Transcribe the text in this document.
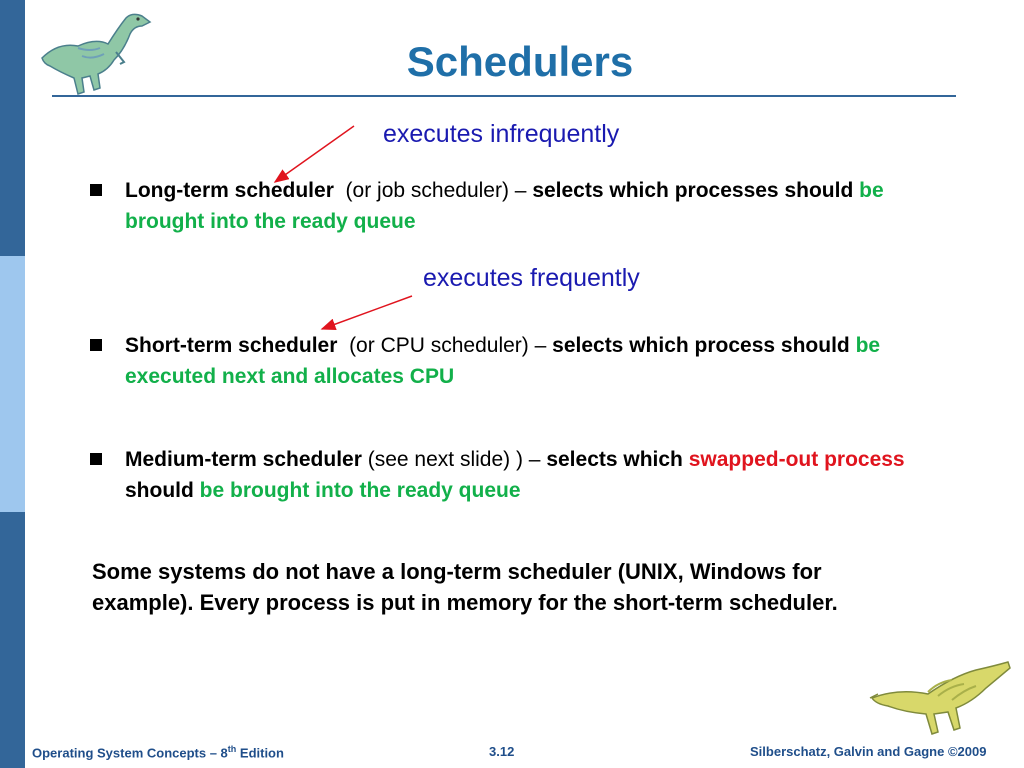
Schedulers
executes infrequently
executes frequently
Long-term scheduler (or job scheduler) – selects which processes should be brought into the ready queue
Short-term scheduler (or CPU scheduler) – selects which process should be executed next and allocates CPU
Medium-term scheduler (see next slide) ) – selects which swapped-out process should be brought into the ready queue
Some systems do not have a long-term scheduler (UNIX, Windows for example). Every process is put in memory for the short-term scheduler.
Operating System Concepts – 8th Edition	3.12	Silberschatz, Galvin and Gagne ©2009
